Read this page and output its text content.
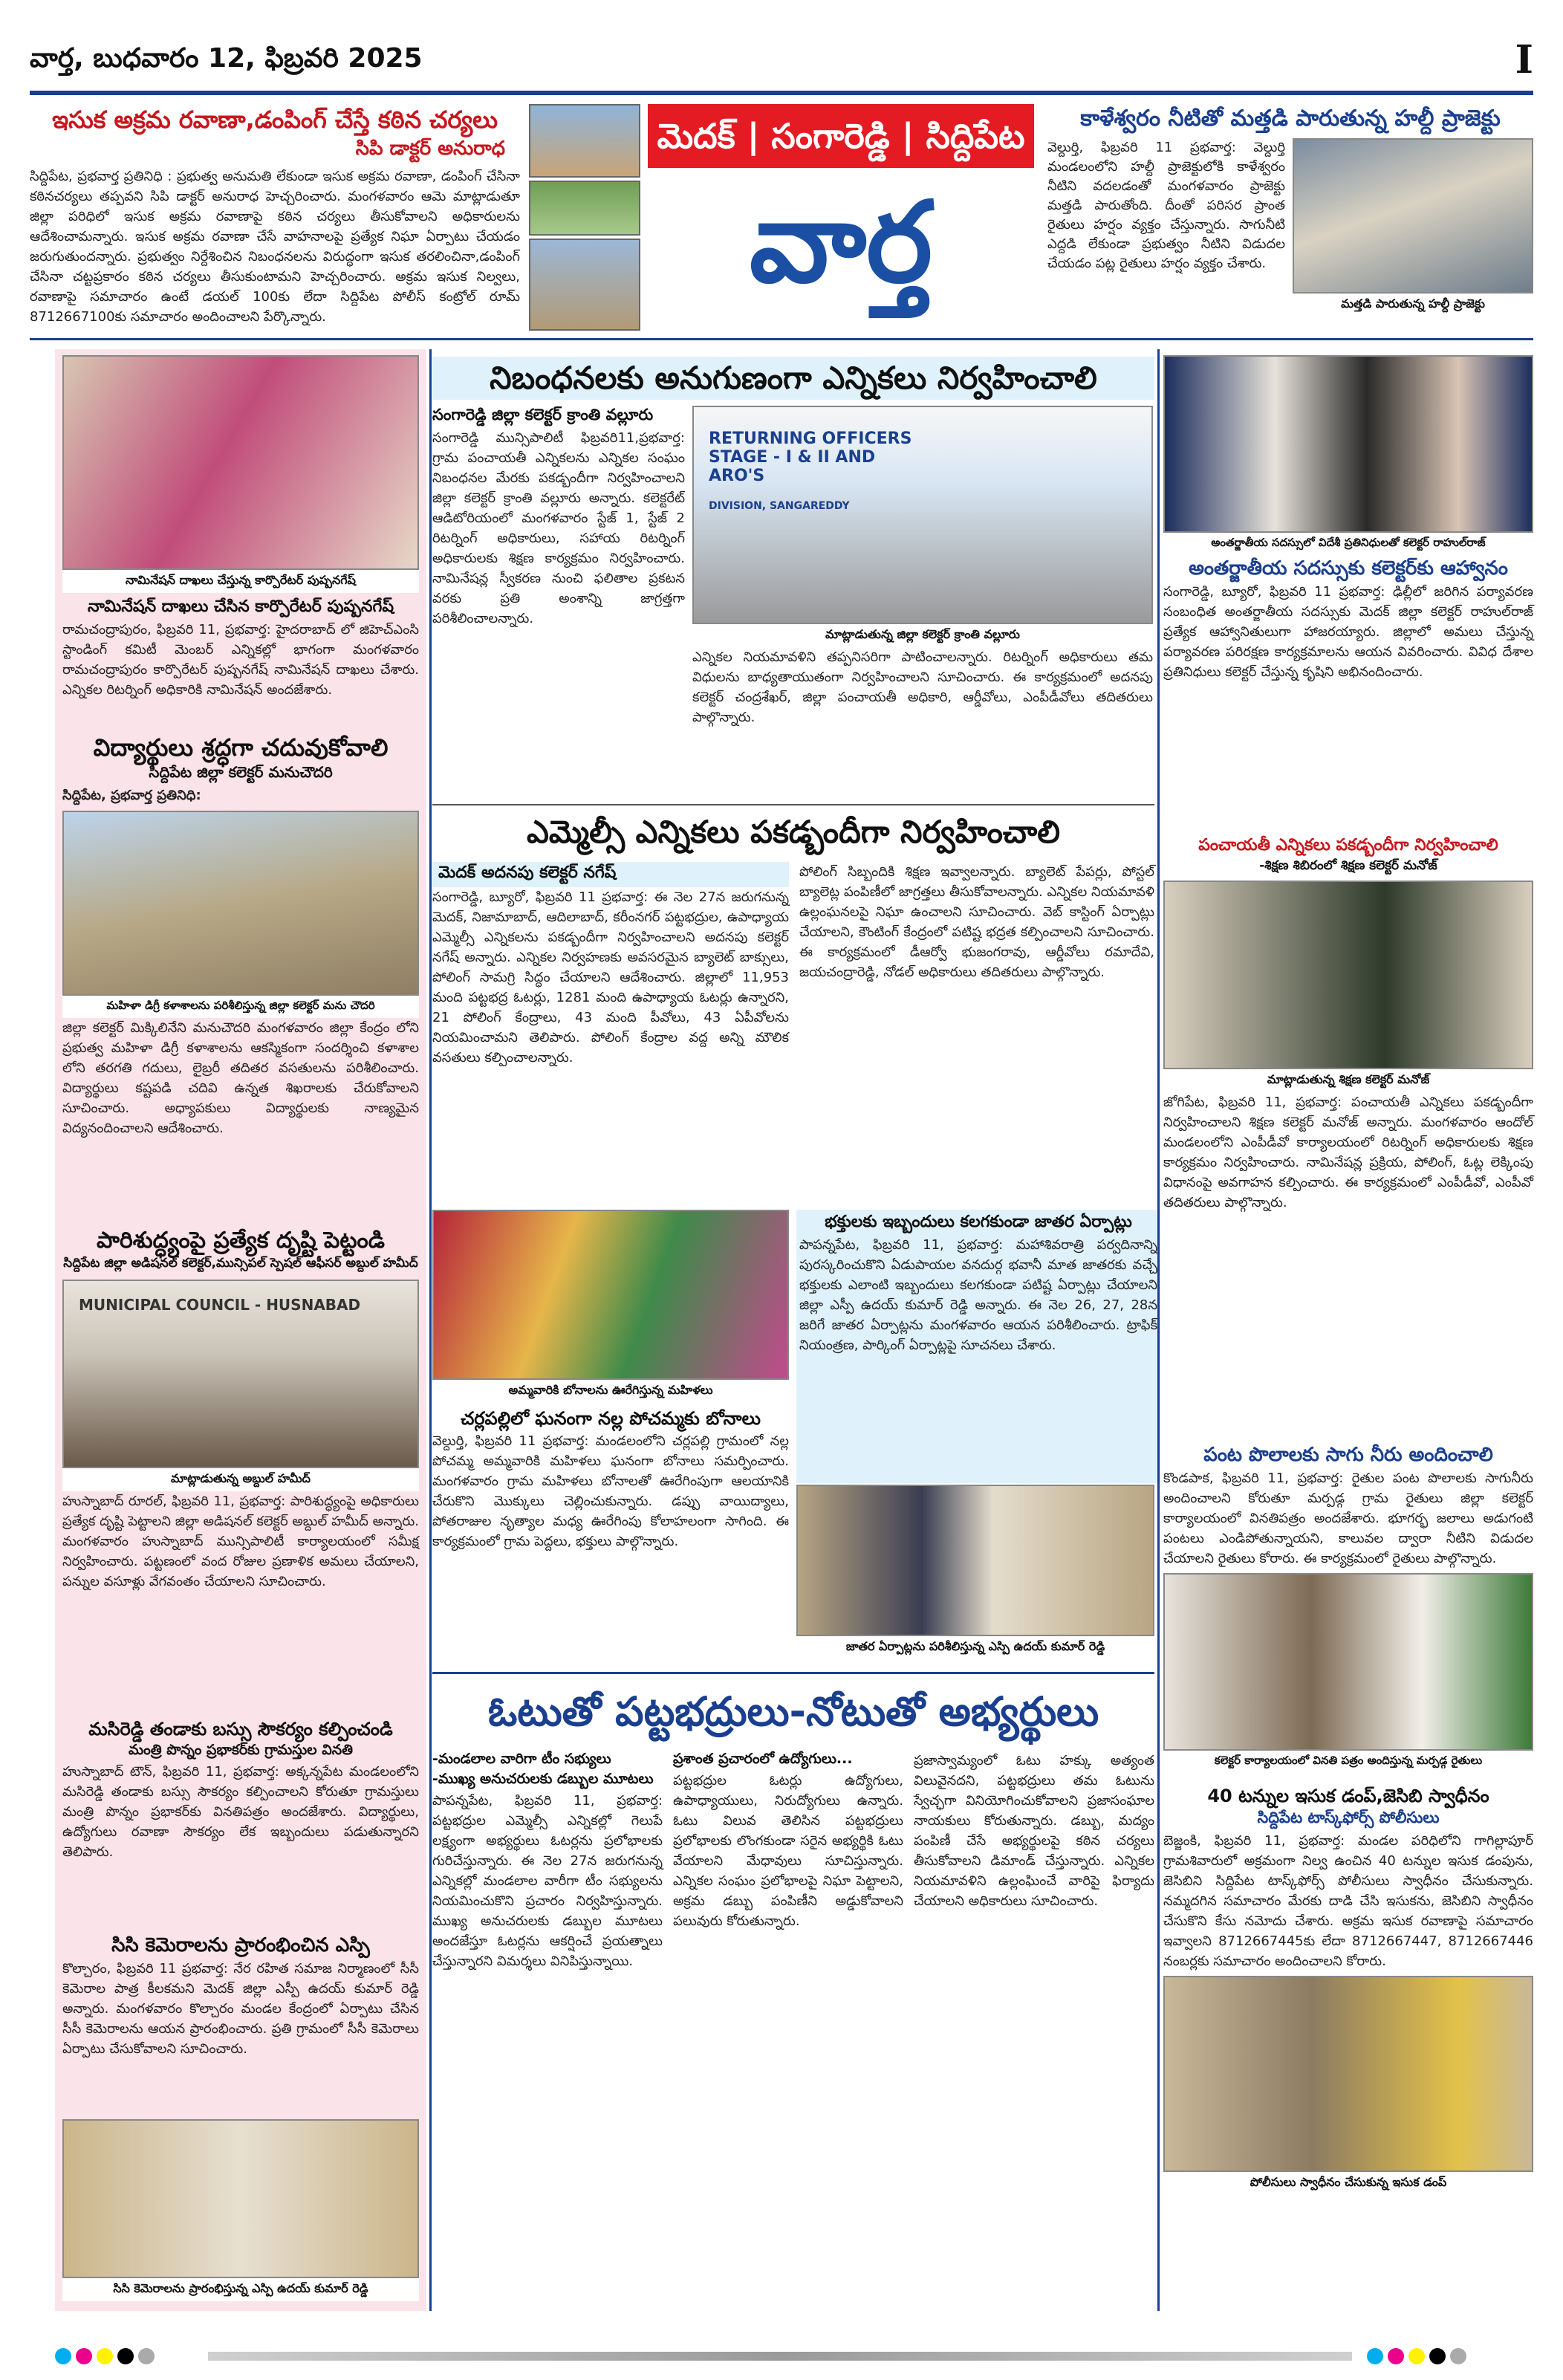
వార్త, బుధవారం 12, ఫిబ్రవరి 2025	I
ఇసుక అక్రమ రవాణా,డంపింగ్ చేస్తే కఠిన చర్యలు
సిపి డాక్టర్ అనురాధ
సిద్దిపేట, ప్రభవార్త ప్రతినిధి : ప్రభుత్వ అనుమతి లేకుండా ఇసుక అక్రమ రవాణా, డంపింగ్ చేసినా కఠినచర్యలు తప్పవని సిపి డాక్టర్ అనురాధ హెచ్చరించారు. మంగళవారం ఆమె మాట్లాడుతూ జిల్లా పరిధిలో ఇసుక అక్రమ రవాణాపై కఠిన చర్యలు తీసుకోవాలని అధికారులను ఆదేశించామన్నారు. ఇసుక అక్రమ రవాణా చేసే వాహనాలపై ప్రత్యేక నిఘా ఏర్పాటు చేయడం జరుగుతుందన్నారు. ప్రభుత్వం నిర్దేశించిన నిబంధనలను విరుద్ధంగా ఇసుక తరలించినా,డంపింగ్ చేసినా చట్టప్రకారం కఠిన చర్యలు తీసుకుంటామని హెచ్చరించారు. అక్రమ ఇసుక నిల్వలు, రవాణాపై సమాచారం ఉంటే డయల్ 100కు లేదా సిద్దిపేట పోలీస్ కంట్రోల్ రూమ్ 8712667100కు సమాచారం అందించాలని పేర్కొన్నారు.
మెదక్ | సంగారెడ్డి | సిద్దిపేట
వార్త
కాళేశ్వరం నీటితో మత్తడి పారుతున్న హల్దీ ప్రాజెక్టు
వెల్దుర్తి, ఫిబ్రవరి 11 ప్రభవార్త: వెల్దుర్తి మండలంలోని హల్దీ ప్రాజెక్టులోకి కాళేశ్వరం నీటిని వదలడంతో మంగళవారం ప్రాజెక్టు మత్తడి పారుతోంది. దీంతో పరిసర ప్రాంత రైతులు హర్షం వ్యక్తం చేస్తున్నారు. సాగునీటి ఎద్దడి లేకుండా ప్రభుత్వం నీటిని విడుదల చేయడం పట్ల రైతులు హర్షం వ్యక్తం చేశారు.
మత్తడి పారుతున్న హల్దీ ప్రాజెక్టు
నామినేషన్ దాఖలు చేస్తున్న కార్పొరేటర్ పుష్పనగేష్
నామినేషన్ దాఖలు చేసిన కార్పొరేటర్ పుష్పనగేష్
రామచంద్రాపురం, ఫిబ్రవరి 11, ప్రభవార్త: హైదరాబాద్ లో జిహెచ్ఎంసి స్టాండింగ్ కమిటీ మెంబర్ ఎన్నికల్లో భాగంగా మంగళవారం రామచంద్రాపురం కార్పొరేటర్ పుష్పనగేష్ నామినేషన్ దాఖలు చేశారు. ఎన్నికల రిటర్నింగ్ అధికారికి నామినేషన్ అందజేశారు.
విద్యార్థులు శ్రద్ధగా చదువుకోవాలి
సిద్దిపేట జిల్లా కలెక్టర్ మనుచౌదరి
సిద్దిపేట, ప్రభవార్త ప్రతినిధి:
మహిళా డిగ్రీ కళాశాలను పరిశీలిస్తున్న జిల్లా కలెక్టర్ మను చౌదరి
జిల్లా కలెక్టర్ మిక్కిలినేని మనుచౌదరి మంగళవారం జిల్లా కేంద్రం లోని ప్రభుత్వ మహిళా డిగ్రీ కళాశాలను ఆకస్మికంగా సందర్శించి కళాశాల లోని తరగతి గదులు, లైబ్రరీ తదితర వసతులను పరిశీలించారు. విద్యార్థులు కష్టపడి చదివి ఉన్నత శిఖరాలకు చేరుకోవాలని సూచించారు. అధ్యాపకులు విద్యార్థులకు నాణ్యమైన విద్యనందించాలని ఆదేశించారు.
పారిశుద్ధ్యంపై ప్రత్యేక దృష్టి పెట్టండి
సిద్దిపేట జిల్లా అడిషనల్ కలెక్టర్,మున్సిపల్ స్పెషల్ ఆఫీసర్ అబ్దుల్ హమీద్
MUNICIPAL COUNCIL - HUSNABAD
మాట్లాడుతున్న అబ్దుల్ హమీద్
హుస్నాబాద్ రూరల్, ఫిబ్రవరి 11, ప్రభవార్త: పారిశుద్ధ్యంపై అధికారులు ప్రత్యేక దృష్టి పెట్టాలని జిల్లా అడిషనల్ కలెక్టర్ అబ్దుల్ హమీద్ అన్నారు. మంగళవారం హుస్నాబాద్ మున్సిపాలిటీ కార్యాలయంలో సమీక్ష నిర్వహించారు. పట్టణంలో వంద రోజుల ప్రణాళిక అమలు చేయాలని, పన్నుల వసూళ్లు వేగవంతం చేయాలని సూచించారు.
మసిరెడ్డి తండాకు బస్సు సౌకర్యం కల్పించండి
మంత్రి పొన్నం ప్రభాకర్‌కు గ్రామస్తుల వినతి
హుస్నాబాద్ టౌన్, ఫిబ్రవరి 11, ప్రభవార్త: అక్కన్నపేట మండలంలోని మసిరెడ్డి తండాకు బస్సు సౌకర్యం కల్పించాలని కోరుతూ గ్రామస్తులు మంత్రి పొన్నం ప్రభాకర్‌కు వినతిపత్రం అందజేశారు. విద్యార్థులు, ఉద్యోగులు రవాణా సౌకర్యం లేక ఇబ్బందులు పడుతున్నారని తెలిపారు.
సిసి కెమెరాలను ప్రారంభించిన ఎస్పి
కొల్చారం, ఫిబ్రవరి 11 ప్రభవార్త: నేర రహిత సమాజ నిర్మాణంలో సీసీ కెమెరాల పాత్ర కీలకమని మెదక్ జిల్లా ఎస్పీ ఉదయ్ కుమార్ రెడ్డి అన్నారు. మంగళవారం కొల్చారం మండల కేంద్రంలో ఏర్పాటు చేసిన సీసీ కెమెరాలను ఆయన ప్రారంభించారు. ప్రతి గ్రామంలో సీసీ కెమెరాలు ఏర్పాటు చేసుకోవాలని సూచించారు.
సిసి కెమెరాలను ప్రారంభిస్తున్న ఎస్పి ఉదయ్ కుమార్ రెడ్డి
నిబంధనలకు అనుగుణంగా ఎన్నికలు నిర్వహించాలి
సంగారెడ్డి జిల్లా కలెక్టర్ క్రాంతి వల్లూరు
సంగారెడ్డి మున్సిపాలిటీ ఫిబ్రవరి11,ప్రభవార్త: గ్రామ పంచాయతీ ఎన్నికలను ఎన్నికల సంఘం నిబంధనల మేరకు పకడ్బందీగా నిర్వహించాలని జిల్లా కలెక్టర్ క్రాంతి వల్లూరు అన్నారు. కలెక్టరేట్ ఆడిటోరియంలో మంగళవారం స్టేజ్ 1, స్టేజ్ 2 రిటర్నింగ్ అధికారులు, సహాయ రిటర్నింగ్ అధికారులకు శిక్షణ కార్యక్రమం నిర్వహించారు. నామినేషన్ల స్వీకరణ నుంచి ఫలితాల ప్రకటన వరకు ప్రతి అంశాన్ని జాగ్రత్తగా పరిశీలించాలన్నారు.
RETURNING OFFICERS STAGE - I & II AND ARO'S
DIVISION, SANGAREDDY
మాట్లాడుతున్న జిల్లా కలెక్టర్ క్రాంతి వల్లూరు
ఎన్నికల నియమావళిని తప్పనిసరిగా పాటించాలన్నారు. రిటర్నింగ్ అధికారులు తమ విధులను బాధ్యతాయుతంగా నిర్వహించాలని సూచించారు. ఈ కార్యక్రమంలో అదనపు కలెక్టర్ చంద్రశేఖర్, జిల్లా పంచాయతీ అధికారి, ఆర్డీవోలు, ఎంపీడీవోలు తదితరులు పాల్గొన్నారు.
ఎమ్మెల్సీ ఎన్నికలు పకడ్బందీగా నిర్వహించాలి
మెదక్ అదనపు కలెక్టర్ నగేష్
సంగారెడ్డి, బ్యూరో, ఫిబ్రవరి 11 ప్రభవార్త: ఈ నెల 27న జరుగనున్న మెదక్, నిజామాబాద్, ఆదిలాబాద్, కరీంనగర్ పట్టభద్రుల, ఉపాధ్యాయ ఎమ్మెల్సీ ఎన్నికలను పకడ్బందీగా నిర్వహించాలని అదనపు కలెక్టర్ నగేష్ అన్నారు. ఎన్నికల నిర్వహణకు అవసరమైన బ్యాలెట్ బాక్సులు, పోలింగ్ సామగ్రి సిద్ధం చేయాలని ఆదేశించారు. జిల్లాలో 11,953 మంది పట్టభద్ర ఓటర్లు, 1281 మంది ఉపాధ్యాయ ఓటర్లు ఉన్నారని, 21 పోలింగ్ కేంద్రాలు, 43 మంది పీవోలు, 43 ఏపీవోలను నియమించామని తెలిపారు. పోలింగ్ కేంద్రాల వద్ద అన్ని మౌలిక వసతులు కల్పించాలన్నారు.
పోలింగ్ సిబ్బందికి శిక్షణ ఇవ్వాలన్నారు. బ్యాలెట్ పేపర్లు, పోస్టల్ బ్యాలెట్ల పంపిణీలో జాగ్రత్తలు తీసుకోవాలన్నారు. ఎన్నికల నియమావళి ఉల్లంఘనలపై నిఘా ఉంచాలని సూచించారు. వెబ్ కాస్టింగ్ ఏర్పాట్లు చేయాలని, కౌంటింగ్ కేంద్రంలో పటిష్ట భద్రత కల్పించాలని సూచించారు. ఈ కార్యక్రమంలో డీఆర్వో భుజంగరావు, ఆర్డీవోలు రమాదేవి, జయచంద్రారెడ్డి, నోడల్ అధికారులు తదితరులు పాల్గొన్నారు.
అంతర్జాతీయ సదస్సులో విదేశీ ప్రతినిధులతో కలెక్టర్ రాహుల్‌రాజ్
అంతర్జాతీయ సదస్సుకు కలెక్టర్‌కు ఆహ్వానం
సంగారెడ్డి, బ్యూరో, ఫిబ్రవరి 11 ప్రభవార్త: ఢిల్లీలో జరిగిన పర్యావరణ సంబంధిత అంతర్జాతీయ సదస్సుకు మెదక్ జిల్లా కలెక్టర్ రాహుల్‌రాజ్ ప్రత్యేక ఆహ్వానితులుగా హాజరయ్యారు. జిల్లాలో అమలు చేస్తున్న పర్యావరణ పరిరక్షణ కార్యక్రమాలను ఆయన వివరించారు. వివిధ దేశాల ప్రతినిధులు కలెక్టర్ చేస్తున్న కృషిని అభినందించారు.
పంచాయతీ ఎన్నికలు పకడ్బందీగా నిర్వహించాలి
-శిక్షణ శిబిరంలో శిక్షణ కలెక్టర్ మనోజ్
మాట్లాడుతున్న శిక్షణ కలెక్టర్ మనోజ్
జోగిపేట, ఫిబ్రవరి 11, ప్రభవార్త: పంచాయతీ ఎన్నికలు పకడ్బందీగా నిర్వహించాలని శిక్షణ కలెక్టర్ మనోజ్ అన్నారు. మంగళవారం ఆందోల్ మండలంలోని ఎంపీడీవో కార్యాలయంలో రిటర్నింగ్ అధికారులకు శిక్షణ కార్యక్రమం నిర్వహించారు. నామినేషన్ల ప్రక్రియ, పోలింగ్, ఓట్ల లెక్కింపు విధానంపై అవగాహన కల్పించారు. ఈ కార్యక్రమంలో ఎంపీడీవో, ఎంపీవో తదితరులు పాల్గొన్నారు.
పంట పొలాలకు సాగు నీరు అందించాలి
కొండపాక, ఫిబ్రవరి 11, ప్రభవార్త: రైతుల పంట పొలాలకు సాగునీరు అందించాలని కోరుతూ మర్పడ్గ గ్రామ రైతులు జిల్లా కలెక్టర్ కార్యాలయంలో వినతిపత్రం అందజేశారు. భూగర్భ జలాలు అడుగంటి పంటలు ఎండిపోతున్నాయని, కాలువల ద్వారా నీటిని విడుదల చేయాలని రైతులు కోరారు. ఈ కార్యక్రమంలో రైతులు పాల్గొన్నారు.
కలెక్టర్ కార్యాలయంలో వినతి పత్రం అందిస్తున్న మర్పడ్గ రైతులు
అమ్మవారికి బోనాలను ఊరేగిస్తున్న మహిళలు
చర్లపల్లిలో ఘనంగా నల్ల పోచమ్మకు బోనాలు
వెల్దుర్తి, ఫిబ్రవరి 11 ప్రభవార్త: మండలంలోని చర్లపల్లి గ్రామంలో నల్ల పోచమ్మ అమ్మవారికి మహిళలు ఘనంగా బోనాలు సమర్పించారు. మంగళవారం గ్రామ మహిళలు బోనాలతో ఊరేగింపుగా ఆలయానికి చేరుకొని మొక్కులు చెల్లించుకున్నారు. డప్పు వాయిద్యాలు, పోతరాజుల నృత్యాల మధ్య ఊరేగింపు కోలాహలంగా సాగింది. ఈ కార్యక్రమంలో గ్రామ పెద్దలు, భక్తులు పాల్గొన్నారు.
భక్తులకు ఇబ్బందులు కలగకుండా జాతర ఏర్పాట్లు
పాపన్నపేట, ఫిబ్రవరి 11, ప్రభవార్త: మహాశివరాత్రి పర్వదినాన్ని పురస్కరించుకొని ఏడుపాయల వనదుర్గ భవానీ మాత జాతరకు వచ్చే భక్తులకు ఎలాంటి ఇబ్బందులు కలగకుండా పటిష్ట ఏర్పాట్లు చేయాలని జిల్లా ఎస్పీ ఉదయ్ కుమార్ రెడ్డి అన్నారు. ఈ నెల 26, 27, 28న జరిగే జాతర ఏర్పాట్లను మంగళవారం ఆయన పరిశీలించారు. ట్రాఫిక్ నియంత్రణ, పార్కింగ్ ఏర్పాట్లపై సూచనలు చేశారు.
జాతర ఏర్పాట్లను పరిశీలిస్తున్న ఎస్పి ఉదయ్ కుమార్ రెడ్డి
ఓటుతో పట్టభద్రులు-నోటుతో అభ్యర్థులు
-మండలాల వారిగా టీం సభ్యులు
-ముఖ్య అనుచరులకు డబ్బుల మూటలు
పాపన్నపేట, ఫిబ్రవరి 11, ప్రభవార్త: పట్టభద్రుల ఎమ్మెల్సీ ఎన్నికల్లో గెలుపే లక్ష్యంగా అభ్యర్థులు ఓటర్లను ప్రలోభాలకు గురిచేస్తున్నారు. ఈ నెల 27న జరుగనున్న ఎన్నికల్లో మండలాల వారీగా టీం సభ్యులను నియమించుకొని ప్రచారం నిర్వహిస్తున్నారు. ముఖ్య అనుచరులకు డబ్బుల మూటలు అందజేస్తూ ఓటర్లను ఆకర్షించే ప్రయత్నాలు చేస్తున్నారని విమర్శలు వినిపిస్తున్నాయి.
ప్రశాంత ప్రచారంలో ఉద్యోగులు...
పట్టభద్రుల ఓటర్లు ఉద్యోగులు, ఉపాధ్యాయులు, నిరుద్యోగులు ఉన్నారు. ఓటు విలువ తెలిసిన పట్టభద్రులు ప్రలోభాలకు లొంగకుండా సరైన అభ్యర్థికి ఓటు వేయాలని మేధావులు సూచిస్తున్నారు. ఎన్నికల సంఘం ప్రలోభాలపై నిఘా పెట్టాలని, అక్రమ డబ్బు పంపిణీని అడ్డుకోవాలని పలువురు కోరుతున్నారు.
ప్రజాస్వామ్యంలో ఓటు హక్కు అత్యంత విలువైనదని, పట్టభద్రులు తమ ఓటును స్వేచ్ఛగా వినియోగించుకోవాలని ప్రజాసంఘాల నాయకులు కోరుతున్నారు. డబ్బు, మద్యం పంపిణీ చేసే అభ్యర్థులపై కఠిన చర్యలు తీసుకోవాలని డిమాండ్ చేస్తున్నారు. ఎన్నికల నియమావళిని ఉల్లంఘించే వారిపై ఫిర్యాదు చేయాలని అధికారులు సూచించారు.
40 టన్నుల ఇసుక డంప్,జెసిబి స్వాధీనం
సిద్దిపేట టాస్క్‌ఫోర్స్ పోలీసులు
బెజ్జంకి, ఫిబ్రవరి 11, ప్రభవార్త: మండల పరిధిలోని గాగిల్లాపూర్ గ్రామశివారులో అక్రమంగా నిల్వ ఉంచిన 40 టన్నుల ఇసుక డంపును, జెసిబిని సిద్దిపేట టాస్క్‌ఫోర్స్ పోలీసులు స్వాధీనం చేసుకున్నారు. నమ్మదగిన సమాచారం మేరకు దాడి చేసి ఇసుకను, జెసిబిని స్వాధీనం చేసుకొని కేసు నమోదు చేశారు. అక్రమ ఇసుక రవాణాపై సమాచారం ఇవ్వాలని 8712667445కు లేదా 8712667447, 8712667446 నంబర్లకు సమాచారం అందించాలని కోరారు.
పోలీసులు స్వాధీనం చేసుకున్న ఇసుక డంప్
